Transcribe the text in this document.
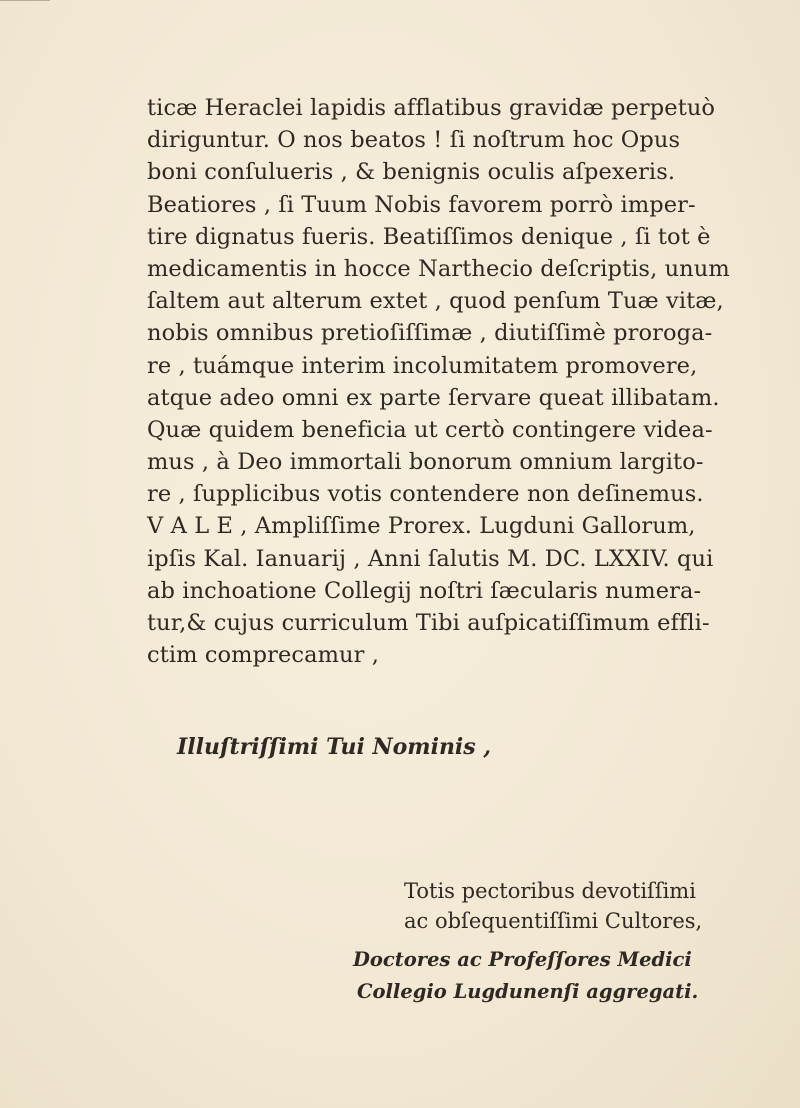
ticæ Heraclei lapidis afflatibus gravidæ perpetuò
diriguntur. O nos beatos ! ſi noſtrum hoc Opus
boni conſulueris , & benignis oculis aſpexeris.
Beatiores , ſi Tuum Nobis favorem porrò imper-
tire dignatus fueris. Beatiſſimos denique , ſi tot è
medicamentis in hocce Narthecio deſcriptis, unum
ſaltem aut alterum extet , quod penſum Tuæ vitæ,
nobis omnibus pretioſiſſimæ , diutiſſimè proroga-
re , tuámque interim incolumitatem promovere,
atque adeo omni ex parte ſervare queat illibatam.
Quæ quidem beneficia ut certò contingere videa-
mus , à Deo immortali bonorum omnium largito-
re , ſupplicibus votis contendere non deſinemus.
V A L E , Ampliſſime Prorex. Lugduni Gallorum,
ipſis Kal. Ianuarij , Anni ſalutis M. DC. LXXIV. qui
ab inchoatione Collegij noſtri ſæcularis numera-
tur,& cujus curriculum Tibi auſpicatiſſimum effli-
ctim comprecamur ,
Illuſtriſſimi Tui Nominis ,
Totis pectoribus devotiſſimi
ac obſequentiſſimi Cultores,
Doctores ac Profeſſores Medici
Collegio Lugdunenſi aggregati.
